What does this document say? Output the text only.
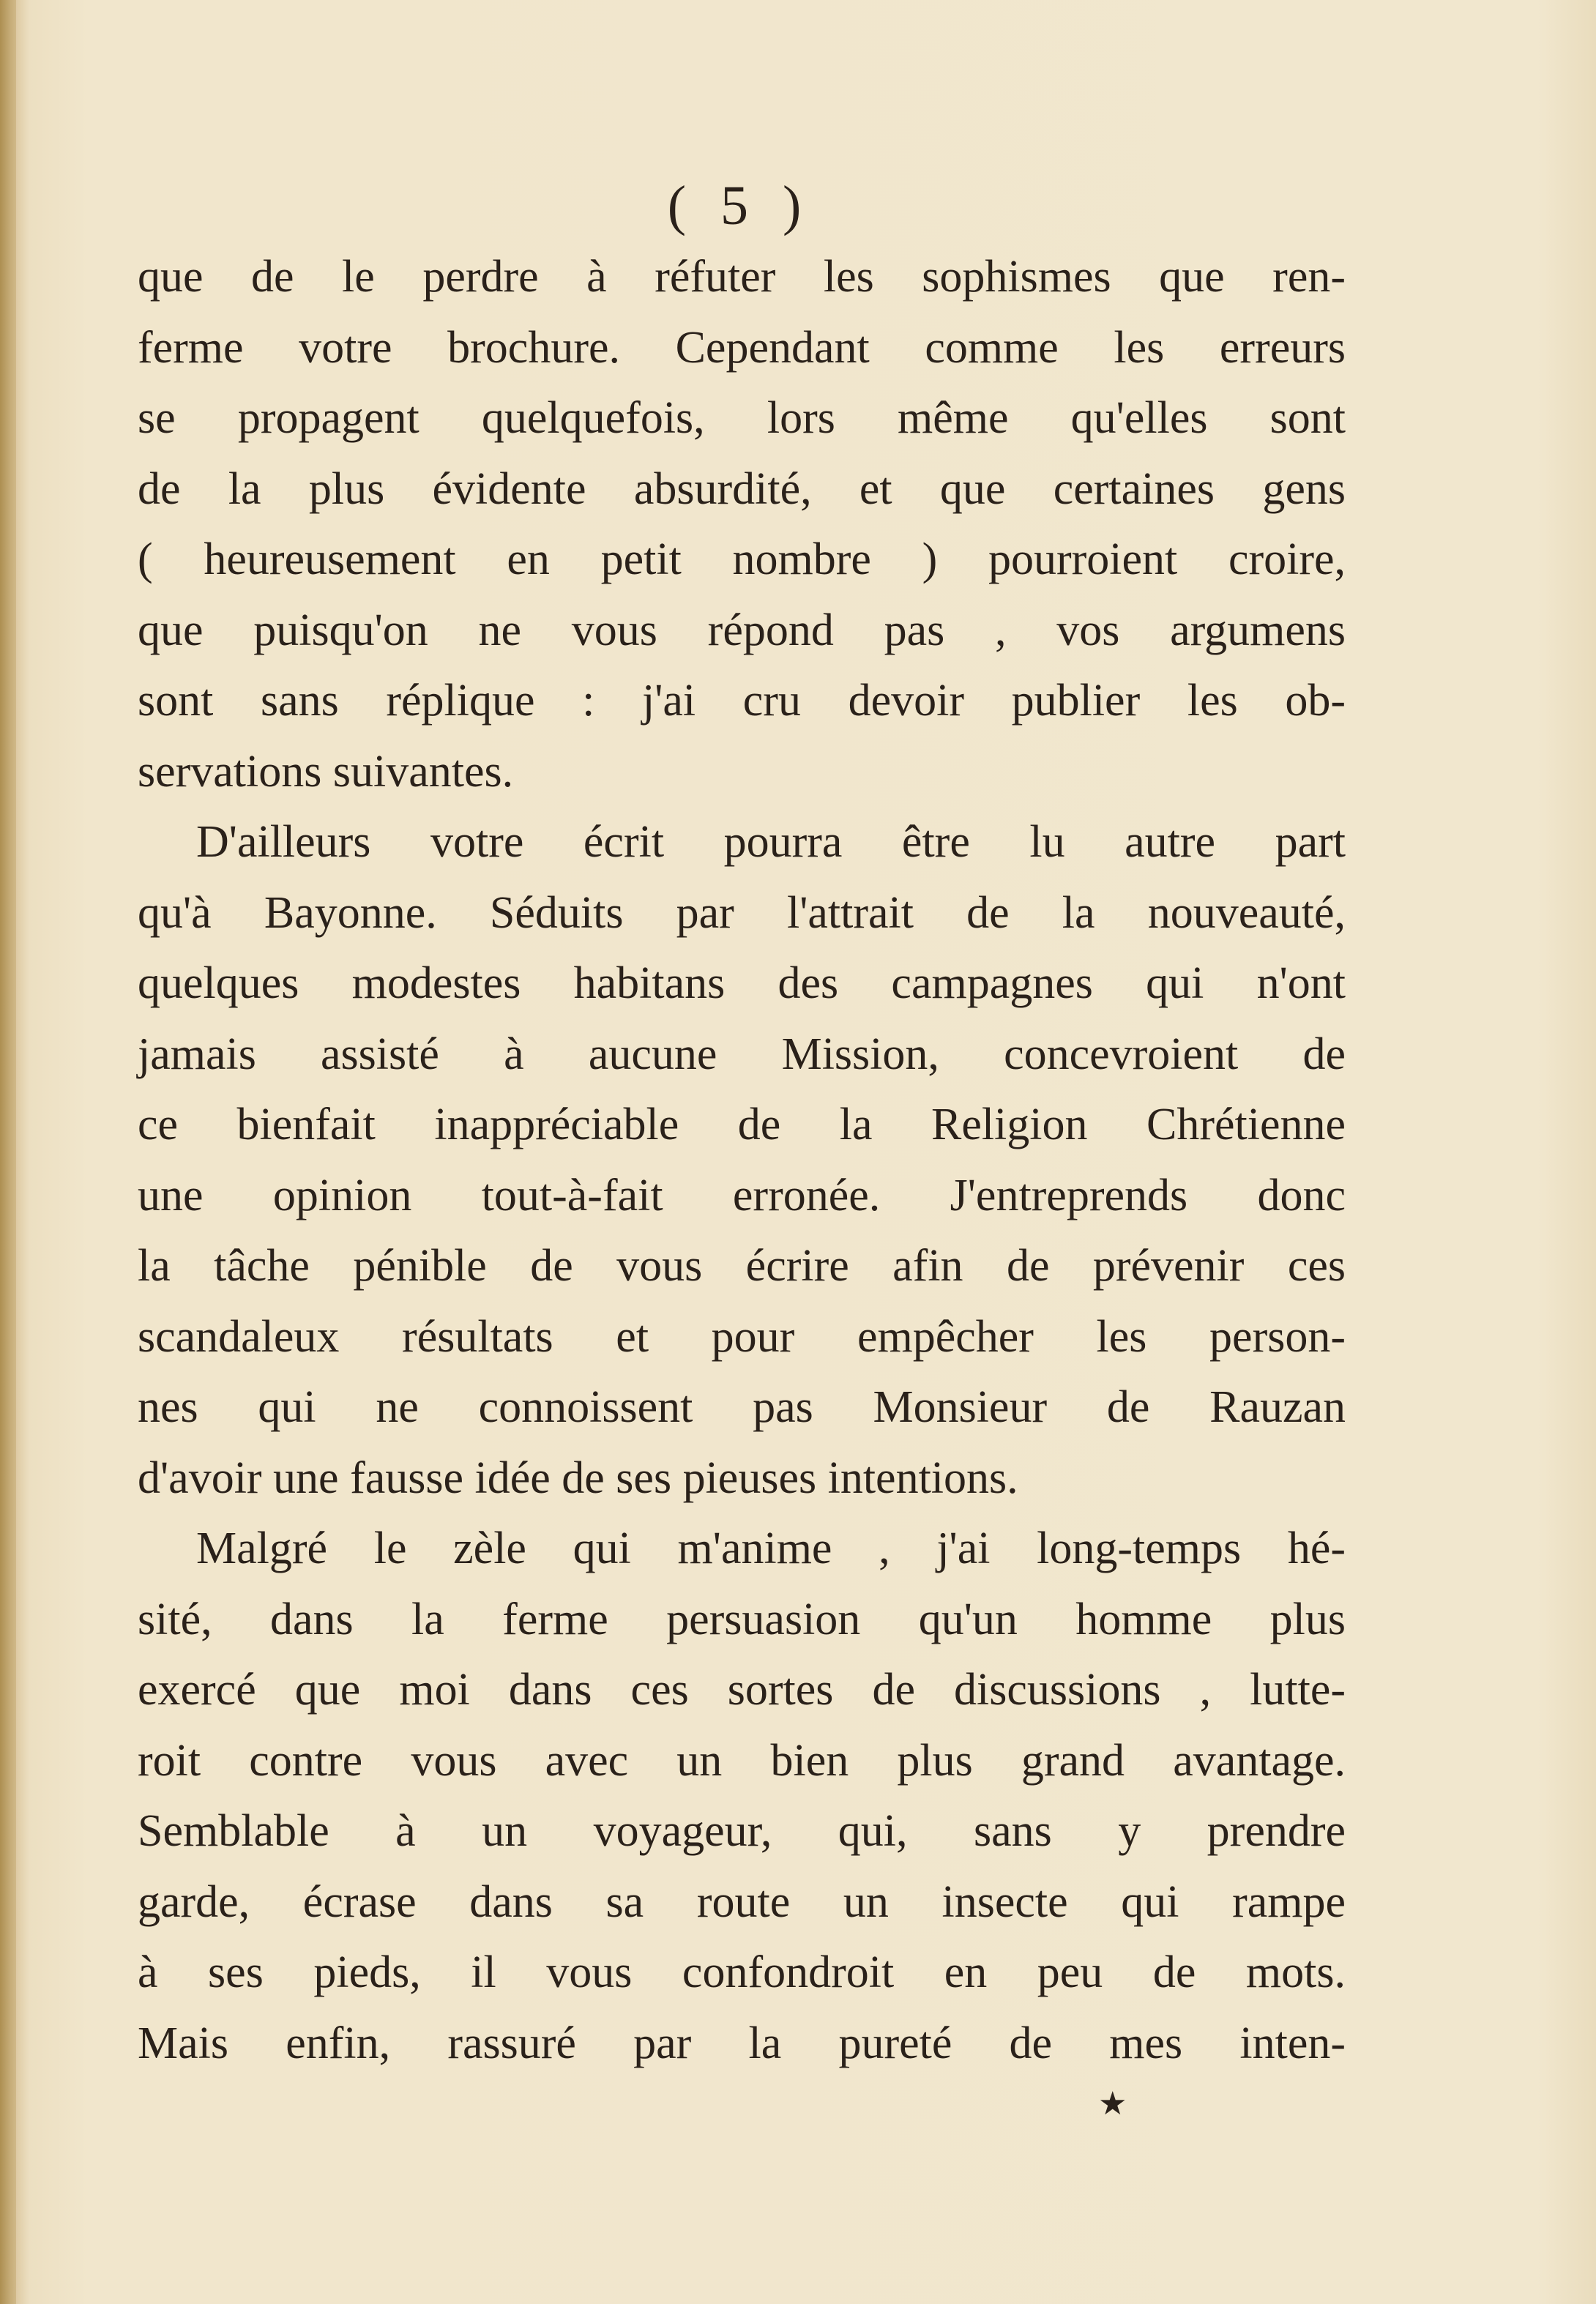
( 5 )
que de le perdre à réfuter les sophismes que ren-
ferme votre brochure. Cependant comme les erreurs
se propagent quelquefois, lors même qu'elles sont
de la plus évidente absurdité, et que certaines gens
( heureusement en petit nombre ) pourroient croire,
que puisqu'on ne vous répond pas , vos argumens
sont sans réplique : j'ai cru devoir publier les ob-
servations suivantes.
D'ailleurs votre écrit pourra être lu autre part
qu'à Bayonne. Séduits par l'attrait de la nouveauté,
quelques modestes habitans des campagnes qui n'ont
jamais assisté à aucune Mission, concevroient de
ce bienfait inappréciable de la Religion Chrétienne
une opinion tout-à-fait erronée. J'entreprends donc
la tâche pénible de vous écrire afin de prévenir ces
scandaleux résultats et pour empêcher les person-
nes qui ne connoissent pas Monsieur de Rauzan
d'avoir une fausse idée de ses pieuses intentions.
Malgré le zèle qui m'anime , j'ai long-temps hé-
sité, dans la ferme persuasion qu'un homme plus
exercé que moi dans ces sortes de discussions , lutte-
roit contre vous avec un bien plus grand avantage.
Semblable à un voyageur, qui, sans y prendre
garde, écrase dans sa route un insecte qui rampe
à ses pieds, il vous confondroit en peu de mots.
Mais enfin, rassuré par la pureté de mes inten-
★
